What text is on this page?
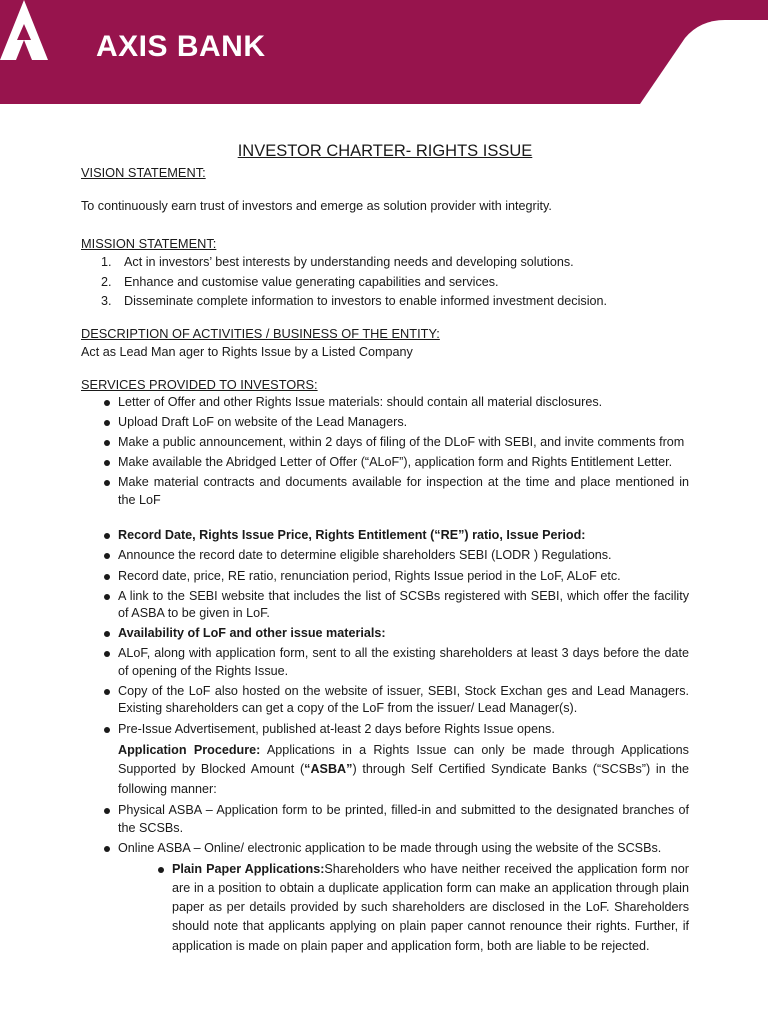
AXIS BANK
INVESTOR CHARTER- RIGHTS ISSUE
VISION STATEMENT:
To continuously earn trust of investors and emerge as solution provider with integrity.
MISSION STATEMENT:
1. Act in investors’ best interests by understanding needs and developing solutions.
2. Enhance and customise value generating capabilities and services.
3. Disseminate complete information to investors to enable informed investment decision.
DESCRIPTION OF ACTIVITIES / BUSINESS OF THE ENTITY:
Act as Lead Man ager to Rights Issue by a Listed Company
SERVICES PROVIDED TO INVESTORS:
Letter of Offer and other Rights Issue materials: should contain all material disclosures.
Upload Draft LoF on website of the Lead Managers.
Make a public announcement, within 2 days of filing of the DLoF with SEBI, and invite comments from
Make available the Abridged Letter of Offer (“ALoF”), application form and Rights Entitlement Letter.
Make material contracts and documents available for inspection at the time and place mentioned in the LoF
Record Date, Rights Issue Price, Rights Entitlement (“RE”) ratio, Issue Period:
Announce the record date to determine eligible shareholders SEBI (LODR ) Regulations.
Record date, price, RE ratio, renunciation period, Rights Issue period in the LoF, ALoF etc.
A link to the SEBI website that includes the list of SCSBs registered with SEBI, which offer the facility of ASBA to be given in LoF.
Availability of LoF and other issue materials:
ALoF, along with application form, sent to all the existing shareholders at least 3 days before the date of opening of the Rights Issue.
Copy of the LoF also hosted on the website of issuer, SEBI, Stock Exchan ges and Lead Managers. Existing shareholders can get a copy of the LoF from the issuer/ Lead Manager(s).
Pre-Issue Advertisement, published at-least 2 days before Rights Issue opens.
Application Procedure: Applications in a Rights Issue can only be made through Applications Supported by Blocked Amount (“ASBA”) through Self Certified Syndicate Banks (“SCSBs”) in the following manner:
Physical ASBA – Application form to be printed, filled-in and submitted to the designated branches of the SCSBs.
Online ASBA – Online/ electronic application to be made through using the website of the SCSBs.
Plain Paper Applications:Shareholders who have neither received the application form nor are in a position to obtain a duplicate application form can make an application through plain paper as per details provided by such shareholders are disclosed in the LoF. Shareholders should note that applicants applying on plain paper cannot renounce their rights. Further, if application is made on plain paper and application form, both are liable to be rejected.
